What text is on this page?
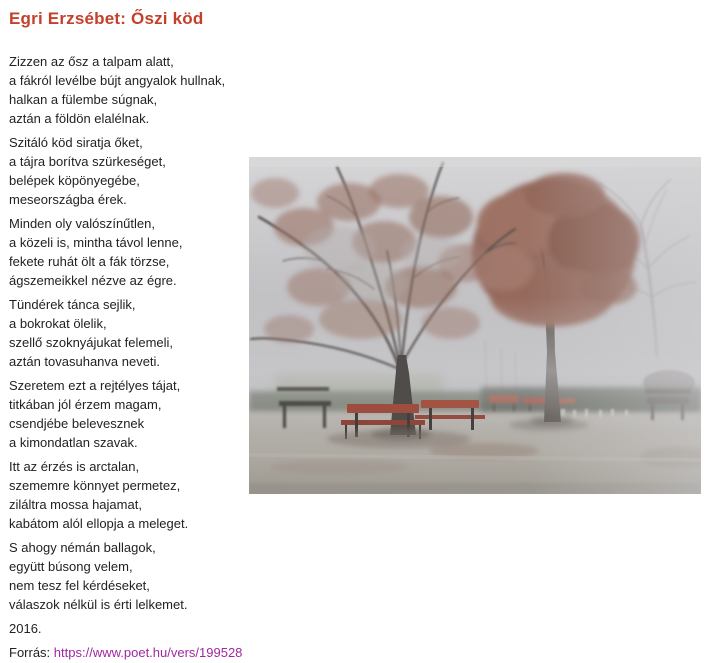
Egri Erzsébet: Őszi köd
Zizzen az ősz a talpam alatt,
a fákról levélbe bújt angyalok hullnak,
halkan a fülembe súgnak,
aztán a földön elalélnak.
Szitáló köd siratja őket,
a tájra borítva szürkeséget,
belépek köpönyegébe,
meseországba érek.
Minden oly valószínűtlen,
a közeli is, mintha távol lenne,
fekete ruhát ölt a fák törzse,
ágszemeikkel nézve az égre.
Tündérek tánca sejlik,
a bokrokat ölelik,
szellő szoknyájukat felemeli,
aztán tovasuhanva neveti.
Szeretem ezt a rejtélyes tájat,
titkában jól érzem magam,
csendjébe belevesznek
a kimondatlan szavak.
Itt az érzés is arctalan,
szememre könnyet permetez,
ziláltra mossa hajamat,
kabátom alól ellopja a meleget.
S ahogy némán ballagok,
együtt búsong velem,
nem tesz fel kérdéseket,
válaszok nélkül is érti lelkemet.
2016.
Forrás: https://www.poet.hu/vers/199528
